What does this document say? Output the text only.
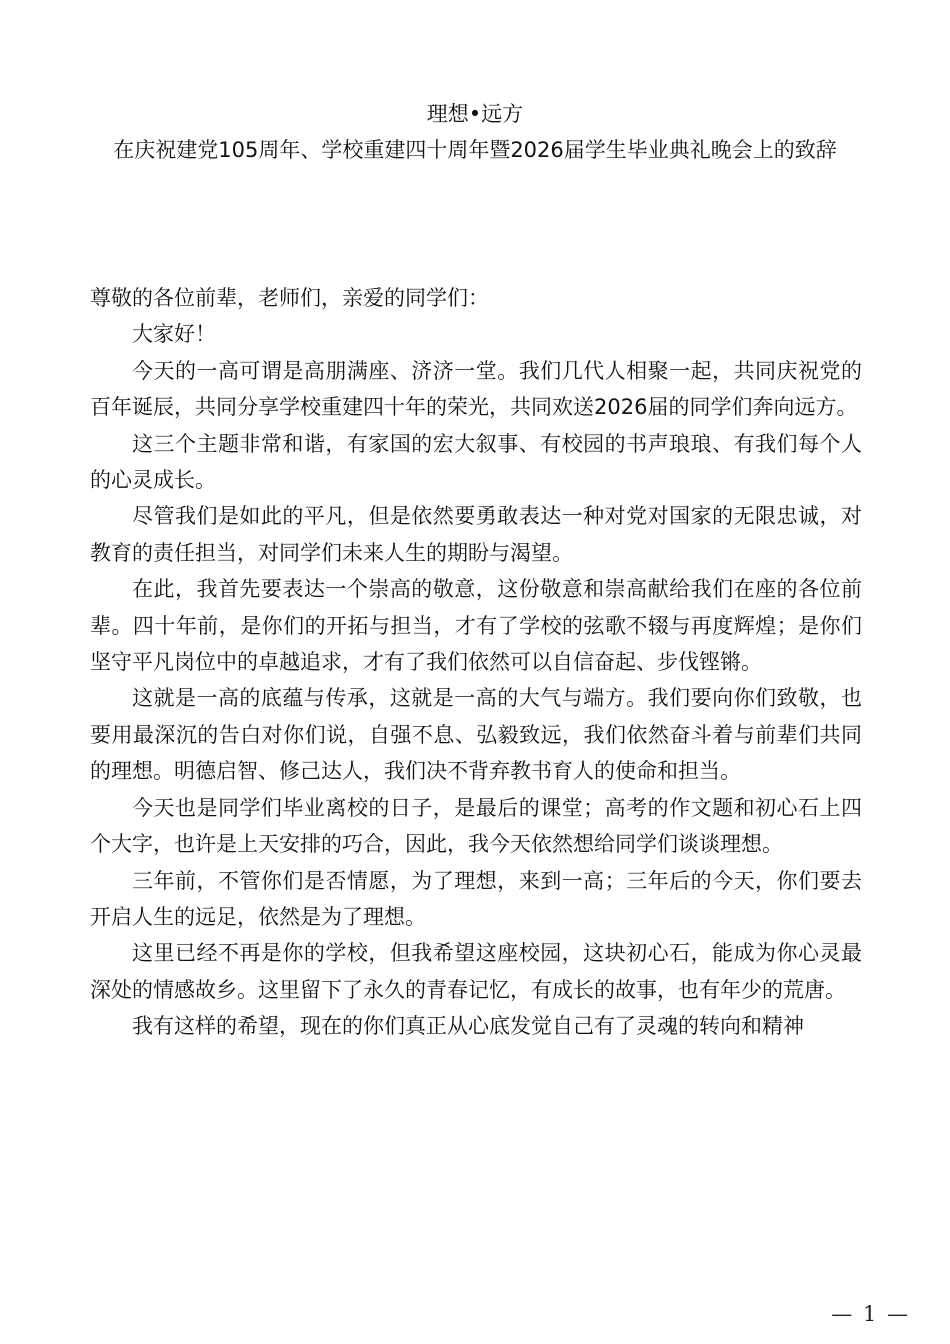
理想•远方
在庆祝建党105周年、学校重建四十周年暨2026届学生毕业典礼晚会上的致辞

尊敬的各位前辈，老师们，亲爱的同学们：

大家好！

今天的一高可谓是高朋满座、济济一堂。我们几代人相聚一起，共同庆祝党的百年诞辰，共同分享学校重建四十年的荣光，共同欢送2026届的同学们奔向远方。

这三个主题非常和谐，有家国的宏大叙事、有校园的书声琅琅、有我们每个人的心灵成长。

尽管我们是如此的平凡，但是依然要勇敢表达一种对党对国家的无限忠诚，对教育的责任担当，对同学们未来人生的期盼与渴望。

在此，我首先要表达一个崇高的敬意，这份敬意和崇高献给我们在座的各位前辈。四十年前，是你们的开拓与担当，才有了学校的弦歌不辍与再度辉煌；是你们坚守平凡岗位中的卓越追求，才有了我们依然可以自信奋起、步伐铿锵。

这就是一高的底蕴与传承，这就是一高的大气与端方。我们要向你们致敬，也要用最深沉的告白对你们说，自强不息、弘毅致远，我们依然奋斗着与前辈们共同的理想。明德启智、修己达人，我们决不背弃教书育人的使命和担当。

今天也是同学们毕业离校的日子，是最后的课堂；高考的作文题和初心石上四个大字，也许是上天安排的巧合，因此，我今天依然想给同学们谈谈理想。

三年前，不管你们是否情愿，为了理想，来到一高；三年后的今天，你们要去开启人生的远足，依然是为了理想。

这里已经不再是你的学校，但我希望这座校园，这块初心石，能成为你心灵最深处的情感故乡。这里留下了永久的青春记忆，有成长的故事，也有年少的荒唐。

我有这样的希望，现在的你们真正从心底发觉自己有了灵魂的转向和精神

— 1 —
